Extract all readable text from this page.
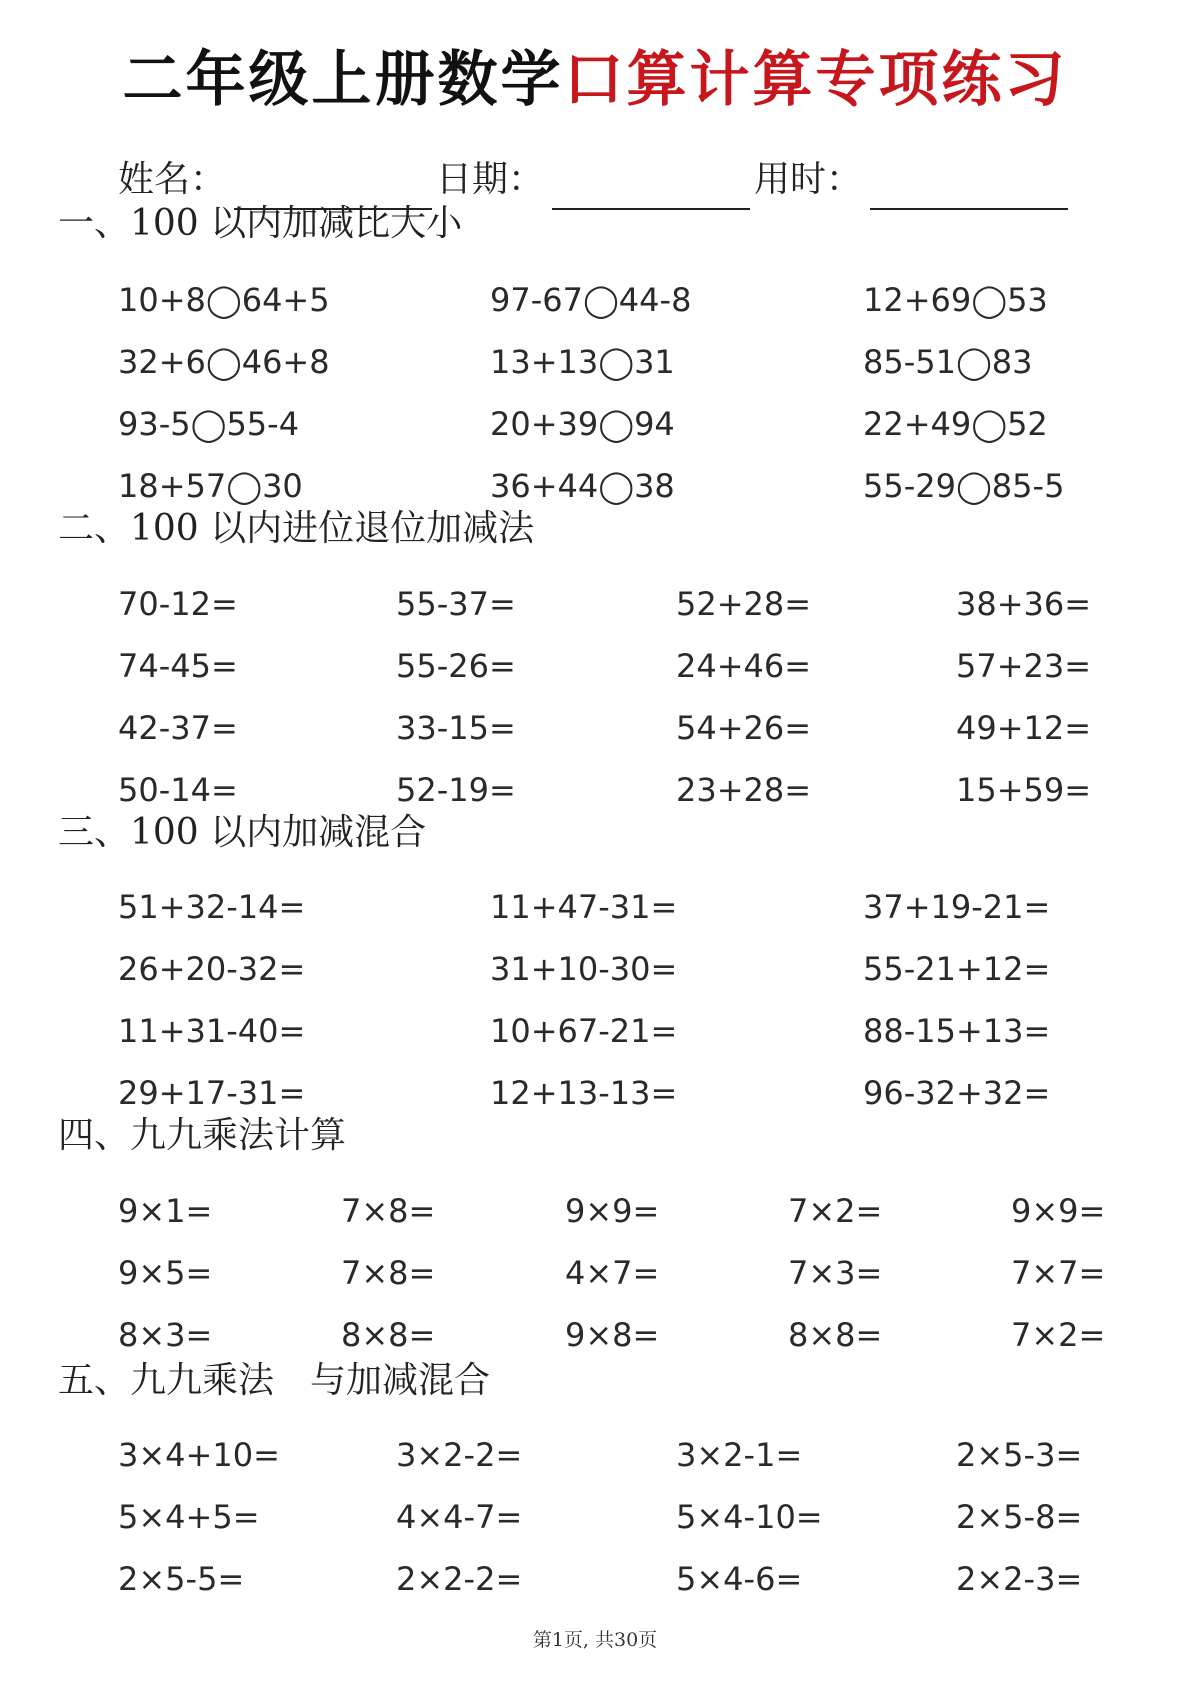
二年级上册数学口算计算专项练习
姓名：	日期：	用时：
一、100 以内加减比大小
10+8◯64+5	97-67◯44-8	12+69◯53
32+6◯46+8	13+13◯31	85-51◯83
93-5◯55-4	20+39◯94	22+49◯52
18+57◯30	36+44◯38	55-29◯85-5
二、100 以内进位退位加减法
70-12=	55-37=	52+28=	38+36=
74-45=	55-26=	24+46=	57+23=
42-37=	33-15=	54+26=	49+12=
50-14=	52-19=	23+28=	15+59=
三、100 以内加减混合
51+32-14=	11+47-31=	37+19-21=
26+20-32=	31+10-30=	55-21+12=
11+31-40=	10+67-21=	88-15+13=
29+17-31=	12+13-13=	96-32+32=
四、九九乘法计算
9×1=	7×8=	9×9=	7×2=	9×9=
9×5=	7×8=	4×7=	7×3=	7×7=
8×3=	8×8=	9×8=	8×8=	7×2=
五、九九乘法　与加减混合
3×4+10=	3×2-2=	3×2-1=	2×5-3=
5×4+5=	4×4-7=	5×4-10=	2×5-8=
2×5-5=	2×2-2=	5×4-6=	2×2-3=
第1页, 共30页
